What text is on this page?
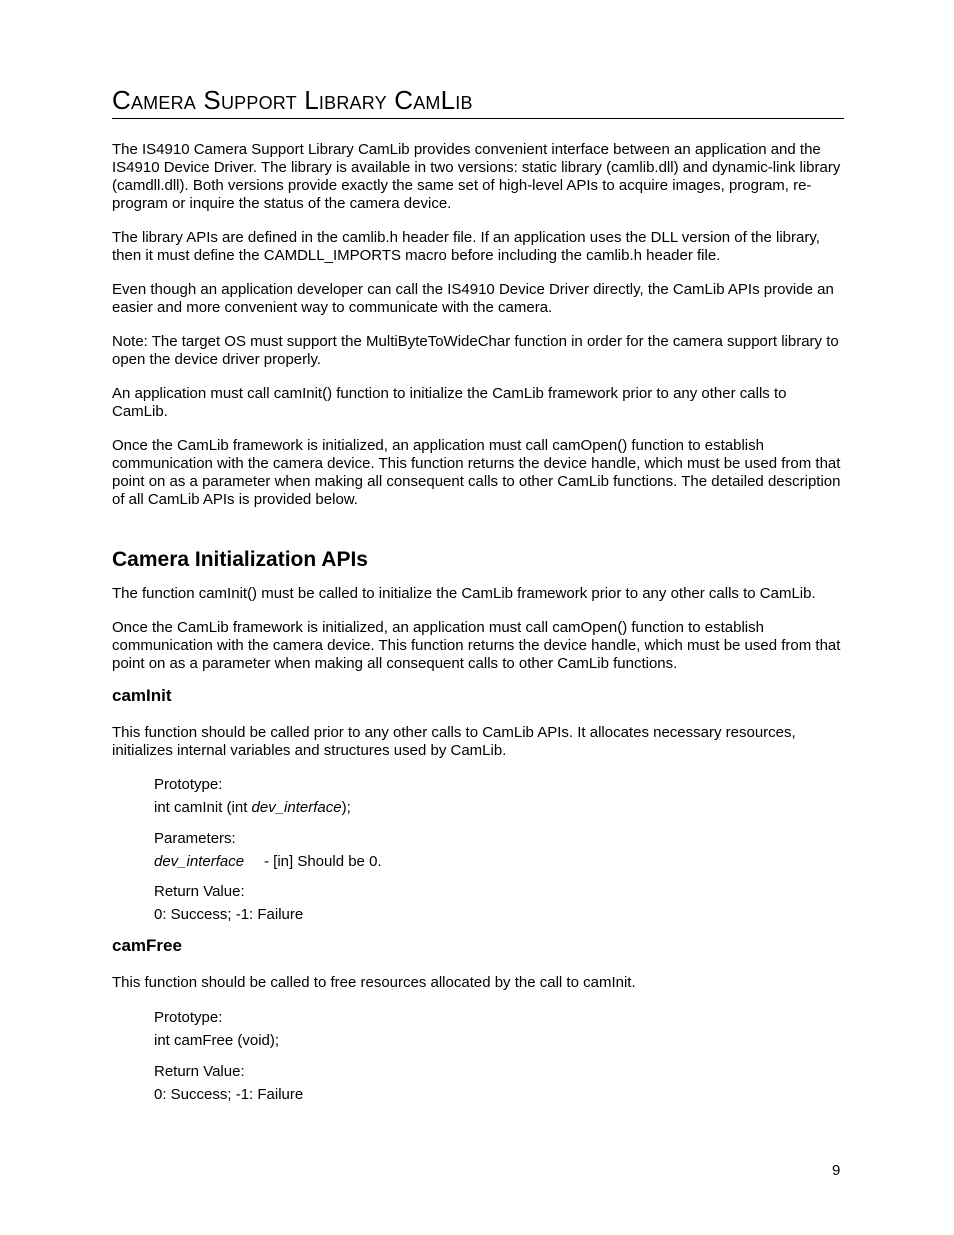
Camera Support Library CamLib

The IS4910 Camera Support Library CamLib provides convenient interface between an application and the IS4910 Device Driver. The library is available in two versions: static library (camlib.dll) and dynamic-link library (camdll.dll). Both versions provide exactly the same set of high-level APIs to acquire images, program, re-program or inquire the status of the camera device.

The library APIs are defined in the camlib.h header file. If an application uses the DLL version of the library, then it must define the CAMDLL_IMPORTS macro before including the camlib.h header file.

Even though an application developer can call the IS4910 Device Driver directly, the CamLib APIs provide an easier and more convenient way to communicate with the camera.

Note: The target OS must support the MultiByteToWideChar function in order for the camera support library to open the device driver properly.

An application must call camInit() function to initialize the CamLib framework prior to any other calls to CamLib.

Once the CamLib framework is initialized, an application must call camOpen() function to establish communication with the camera device. This function returns the device handle, which must be used from that point on as a parameter when making all consequent calls to other CamLib functions. The detailed description of all CamLib APIs is provided below.

Camera Initialization APIs

The function camInit() must be called to initialize the CamLib framework prior to any other calls to CamLib.

Once the CamLib framework is initialized, an application must call camOpen() function to establish communication with the camera device. This function returns the device handle, which must be used from that point on as a parameter when making all consequent calls to other CamLib functions.

camInit

This function should be called prior to any other calls to CamLib APIs. It allocates necessary resources, initializes internal variables and structures used by CamLib.

Prototype:

int camInit (int dev_interface);

Parameters:

dev_interface - [in] Should be 0.

Return Value:

0: Success; -1: Failure

camFree

This function should be called to free resources allocated by the call to camInit.

Prototype:

int camFree (void);

Return Value:

0: Success; -1: Failure

9
